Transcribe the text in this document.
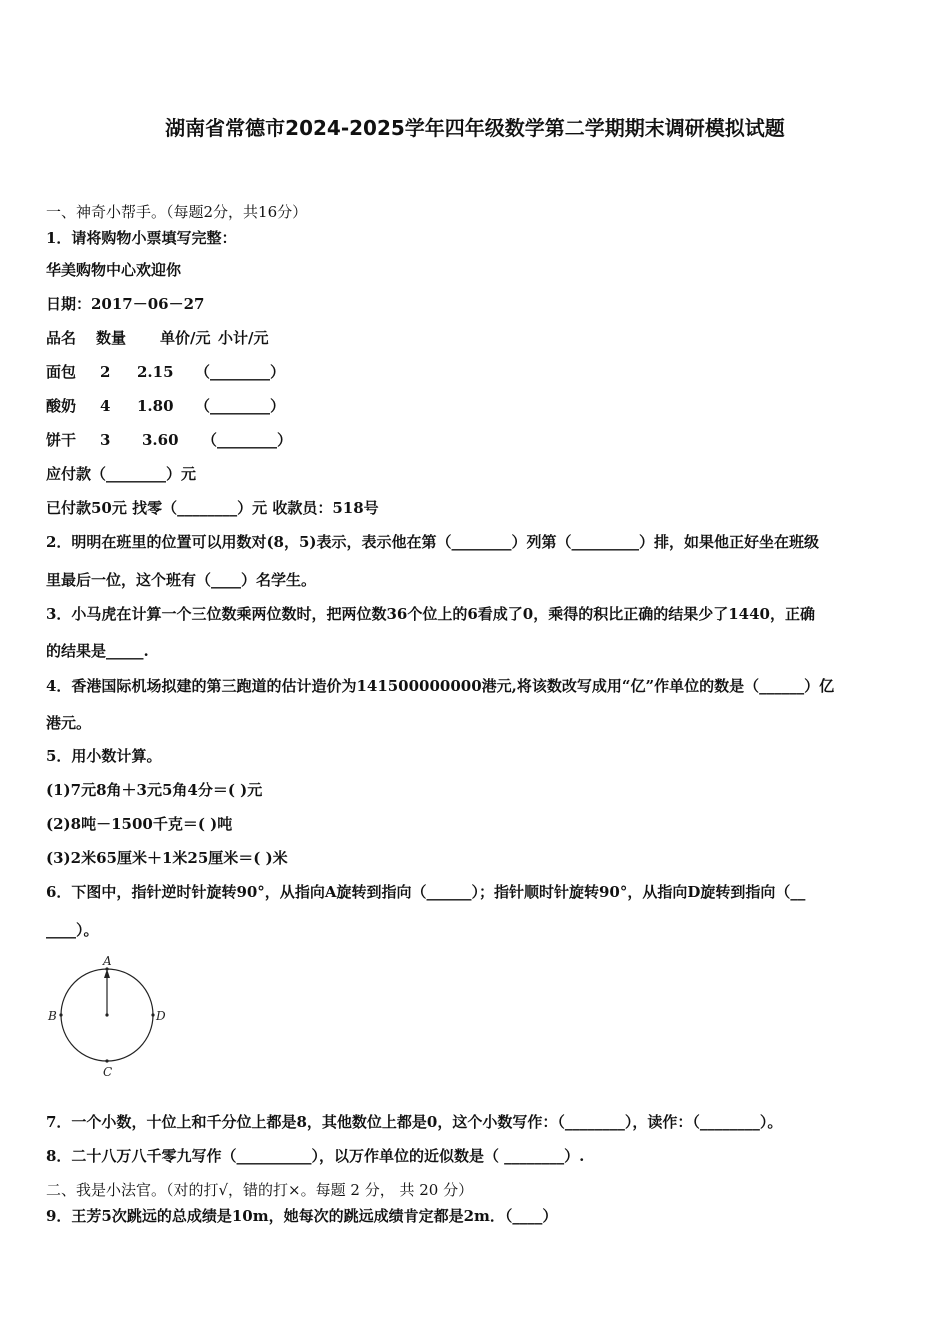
湖南省常德市2024-2025学年四年级数学第二学期期末调研模拟试题
一、神奇小帮手。（每题2分，共16分）
1．请将购物小票填写完整：
华美购物中心欢迎你
日期：2017－06－27
品名 数量 单价/元 小计/元
面包 2 2.15 （________）
酸奶 4 1.80 （________）
饼干 3 3.60 （________）
应付款（________）元
已付款50元 找零（________）元 收款员：518号
2．明明在班里的位置可以用数对(8，5)表示，表示他在第（________）列第（_________）排，如果他正好坐在班级
里最后一位，这个班有（____）名学生。
3．小马虎在计算一个三位数乘两位数时，把两位数36个位上的6看成了0，乘得的积比正确的结果少了1440，正确
的结果是_____.
4．香港国际机场拟建的第三跑道的估计造价为141500000000港元,将该数改写成用“亿”作单位的数是（______）亿
港元。
5．用小数计算。
(1)7元8角＋3元5角4分＝( )元
(2)8吨－1500千克＝( )吨
(3)2米65厘米＋1米25厘米＝( )米
6．下图中，指针逆时针旋转90°，从指向A旋转到指向（______）；指针顺时针旋转90°，从指向D旋转到指向（__
____）。
A
B
C
D
7．一个小数，十位上和千分位上都是8，其他数位上都是0，这个小数写作：（________），读作：（________）。
8．二十八万八千零九写作（__________），以万作单位的近似数是（ ________）.
二、我是小法官。（对的打√，错的打×。每题 2 分， 共 20 分）
9．王芳5次跳远的总成绩是10m，她每次的跳远成绩肯定都是2m．（____）
